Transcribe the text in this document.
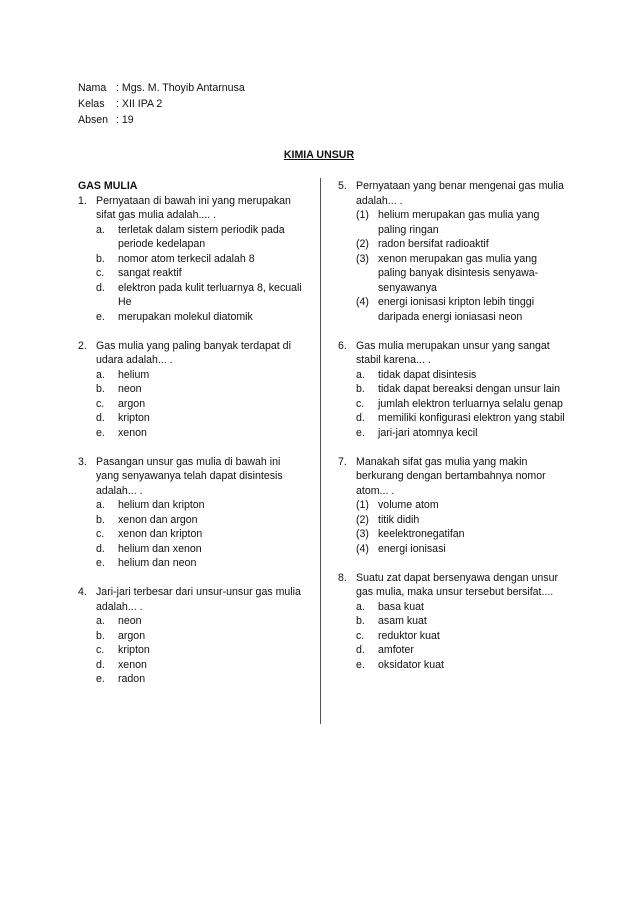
Nama : Mgs. M. Thoyib Antarnusa
Kelas	: XII IPA 2
Absen : 19
KIMIA UNSUR
GAS MULIA
1. Pernyataan di bawah ini yang merupakan sifat gas mulia adalah.... .
a.	terletak dalam sistem periodik pada periode kedelapan
b.	nomor atom terkecil adalah 8
c.	sangat reaktif
d.	elektron pada kulit terluarnya 8, kecuali He
e.	merupakan molekul diatomik
2. Gas mulia yang paling banyak terdapat di udara adalah... .
a.	helium
b.	neon
c.	argon
d.	kripton
e.	xenon
3. Pasangan unsur gas mulia di bawah ini yang senyawanya telah dapat disintesis adalah... .
a.	helium dan kripton
b.	xenon dan argon
c.	xenon dan kripton
d.	helium dan xenon
e.	helium dan neon
4. Jari-jari terbesar dari unsur-unsur gas mulia adalah... .
a.	neon
b.	argon
c.	kripton
d.	xenon
e.	radon
5. Pernyataan yang benar mengenai gas mulia adalah... .
(1) helium merupakan gas mulia yang paling ringan
(2) radon bersifat radioaktif
(3) xenon merupakan gas mulia yang paling banyak disintesis senyawa-senyawanya
(4) energi ionisasi kripton lebih tinggi daripada energi ioniasasi neon
6. Gas mulia merupakan unsur yang sangat stabil karena... .
a.	tidak dapat disintesis
b.	tidak dapat bereaksi dengan unsur lain
c.	jumlah elektron terluarnya selalu genap
d.	memiliki konfigurasi elektron yang stabil
e.	jari-jari atomnya kecil
7. Manakah sifat gas mulia yang makin berkurang dengan bertambahnya nomor atom... .
(1) volume atom
(2) titik didih
(3) keelektronegatifan
(4) energi ionisasi
8. Suatu zat dapat bersenyawa dengan unsur gas mulia, maka unsur tersebut bersifat....
a.	basa kuat
b.	asam kuat
c.	reduktor kuat
d.	amfoter
e.	oksidator kuat
